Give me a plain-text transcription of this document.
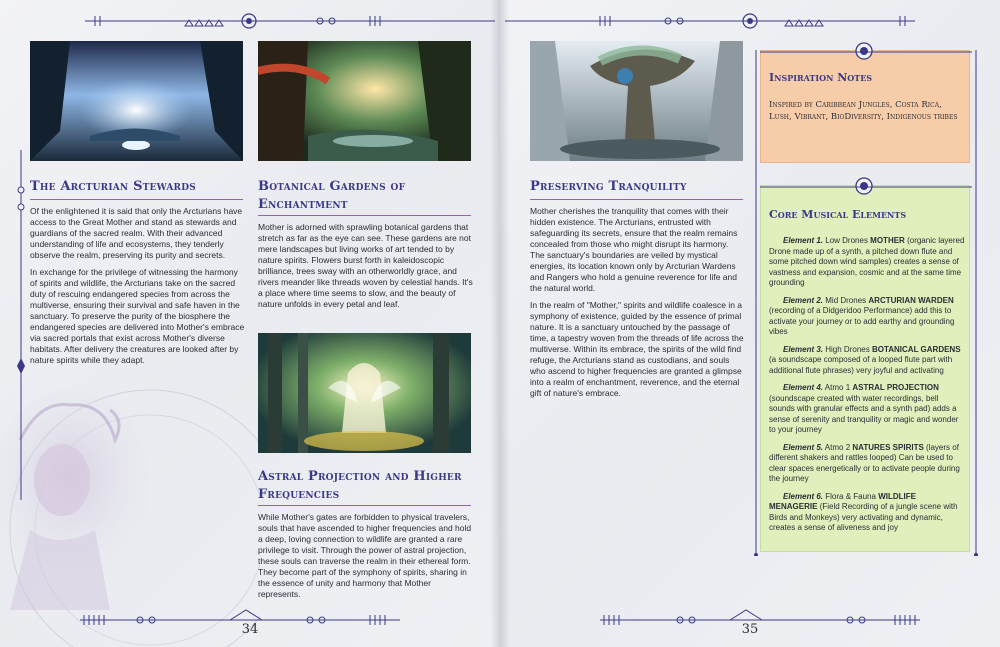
The Arcturian Stewards

Of the enlightened it is said that only the Arcturians have access to the Great Mother and stand as stewards and guardians of the sacred realm. With their advanced understanding of life and ecosystems, they tenderly observe the realm, preserving its purity and secrets.

In exchange for the privilege of witnessing the harmony of spirits and wildlife, the Arcturians take on the sacred duty of rescuing endangered species from across the multiverse, ensuring their survival and safe haven in the sanctuary. To preserve the purity of the biosphere the endangered species are delivered into Mother's embrace via sacred portals that exist across Mother's diverse habitats. After delivery the creatures are looked after by nature spirits while they adapt.

Botanical Gardens of Enchantment

Mother is adorned with sprawling botanical gardens that stretch as far as the eye can see. These gardens are not mere landscapes but living works of art tended to by nature spirits. Flowers burst forth in kaleidoscopic brilliance, trees sway with an otherworldly grace, and rivers meander like threads woven by celestial hands. It's a place where time seems to slow, and the beauty of nature unfolds in every petal and leaf.

Astral Projection and Higher Frequencies

While Mother's gates are forbidden to physical travelers, souls that have ascended to higher frequencies and hold a deep, loving connection to wildlife are granted a rare privilege to visit. Through the power of astral projection, these souls can traverse the realm in their ethereal form. They become part of the symphony of spirits, sharing in the essence of unity and harmony that Mother represents.

34
Preserving Tranquility

Mother cherishes the tranquility that comes with their hidden existence. The Arcturians, entrusted with safeguarding its secrets, ensure that the realm remains concealed from those who might disrupt its harmony. The sanctuary's boundaries are veiled by mystical energies, its location known only by Arcturian Wardens and Rangers who hold a genuine reverence for life and the natural world.

In the realm of "Mother," spirits and wildlife coalesce in a symphony of existence, guided by the essence of primal nature. It is a sanctuary untouched by the passage of time, a tapestry woven from the threads of life across the multiverse. Within its embrace, the spirits of the wild find refuge, the Arcturians stand as custodians, and souls who ascend to higher frequencies are granted a glimpse into a realm of enchantment, reverence, and the eternal gift of nature's embrace.

35
Inspiration Notes
Inspired by Caribbean Jungles, Costa Rica, Lush, Vibrant, BioDiversity, Indigenous tribes
Core Musical Elements
Element 1. Low Drones MOTHER (organic layered Drone made up of a synth, a pitched down flute and some pitched down wind samples) creates a sense of vastness and expansion, cosmic and at the same time grounding
Element 2. Mid Drones ARCTURIAN WARDEN (recording of a Didgeridoo Performance) add this to activate your journey or to add earthy and grounding vibes
Element 3. High Drones BOTANICAL GARDENS (a soundscape composed of a looped flute part with additional flute phrases) very joyful and activating
Element 4. Atmo 1 ASTRAL PROJECTION (soundscape created with water recordings, bell sounds with granular effects and a synth pad) adds a sense of serenity and tranquility or magic and wonder to your journey
Element 5. Atmo 2 NATURES SPIRITS (layers of different shakers and rattles looped) Can be used to clear spaces energetically or to activate people during the journey
Element 6. Flora & Fauna WILDLIFE MENAGERIE (Field Recording of a jungle scene with Birds and Monkeys) very activating and dynamic, creates a sense of aliveness and joy
